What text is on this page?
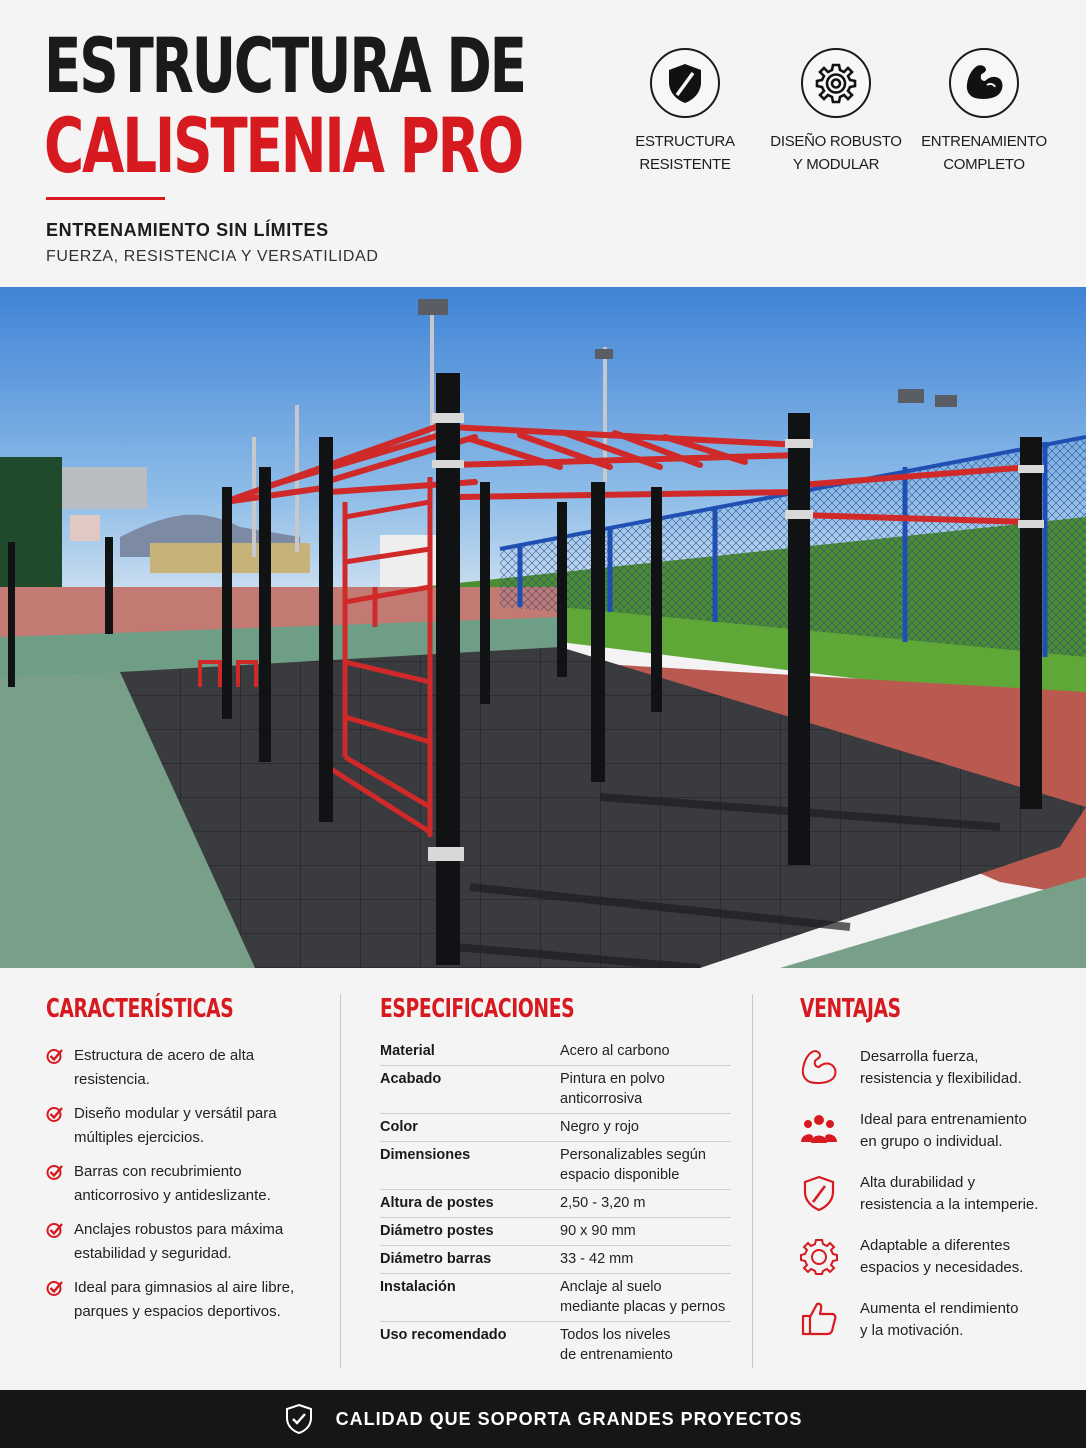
ESTRUCTURA DE
CALISTENIA PRO
ENTRENAMIENTO SIN LÍMITES
FUERZA, RESISTENCIA Y VERSATILIDAD
ESTRUCTURA
RESISTENTE
DISEÑO ROBUSTO
Y MODULAR
ENTRENAMIENTO
COMPLETO
CARACTERÍSTICAS
Estructura de acero de alta
resistencia.
Diseño modular y versátil para
múltiples ejercicios.
Barras con recubrimiento
anticorrosivo y antideslizante.
Anclajes robustos para máxima
estabilidad y seguridad.
Ideal para gimnasios al aire libre,
parques y espacios deportivos.
ESPECIFICACIONES
Material	Acero al carbono

Acabado	Pintura en polvo
anticorrosiva

Color	Negro y rojo

Dimensiones	Personalizables según
espacio disponible

Altura de postes	2,50 - 3,20 m

Diámetro postes	90 x 90 mm

Diámetro barras	33 - 42 mm

Instalación	Anclaje al suelo
mediante placas y pernos

Uso recomendado	Todos los niveles
de entrenamiento
VENTAJAS
Desarrolla fuerza,
resistencia y flexibilidad.
Ideal para entrenamiento
en grupo o individual.
Alta durabilidad y
resistencia a la intemperie.
Adaptable a diferentes
espacios y necesidades.
Aumenta el rendimiento
y la motivación.
CALIDAD QUE SOPORTA GRANDES PROYECTOS
